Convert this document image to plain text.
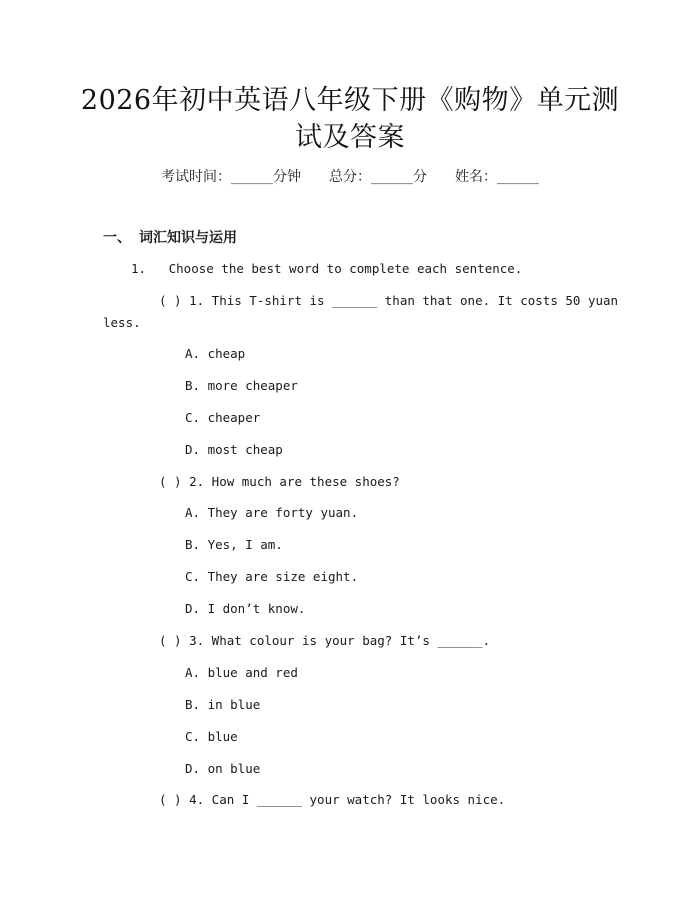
2026年初中英语八年级下册《购物》单元测
试及答案
考试时间：______分钟 总分：______分 姓名：______
一、 词汇知识与运用
1.   Choose the best word to complete each sentence.
( ) 1. This T-shirt is ______ than that one. It costs 50 yuan
less.
A. cheap
B. more cheaper
C. cheaper
D. most cheap
( ) 2. How much are these shoes?
A. They are forty yuan.
B. Yes, I am.
C. They are size eight.
D. I don’t know.
( ) 3. What colour is your bag? It’s ______.
A. blue and red
B. in blue
C. blue
D. on blue
( ) 4. Can I ______ your watch? It looks nice.
